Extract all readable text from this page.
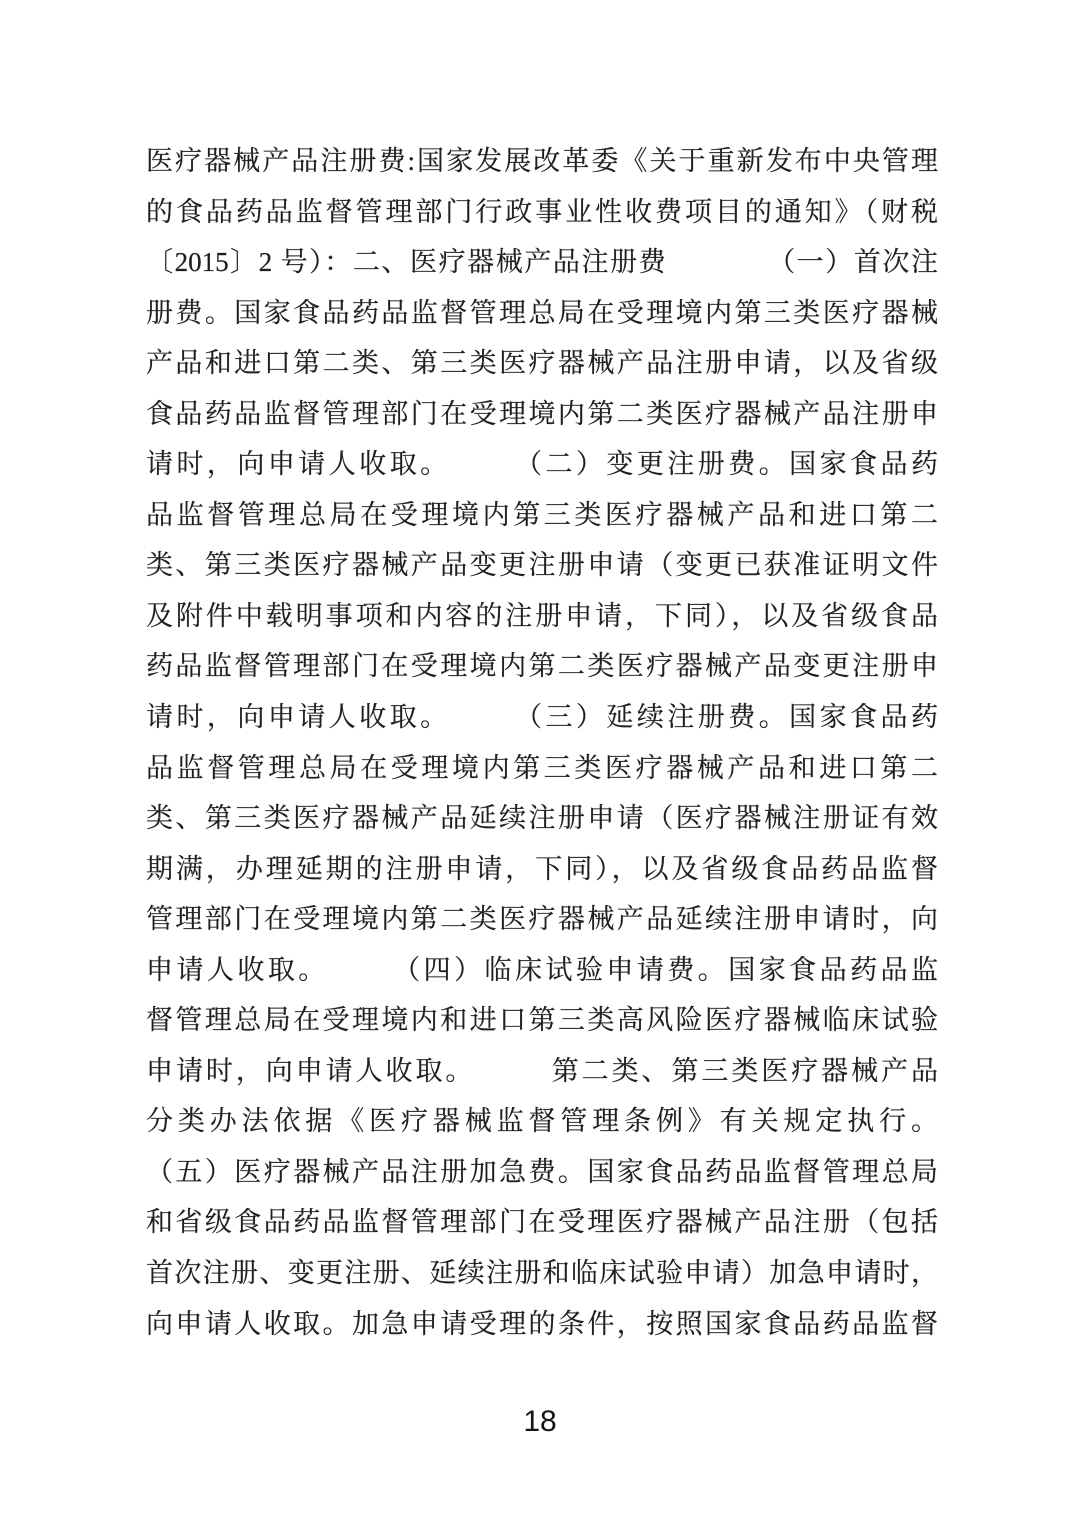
医疗器械产品注册费:国家发展改革委《关于重新发布中央管理
的食品药品监督管理部门行政事业性收费项目的通知》（财税
〔2015〕2 号）：二、医疗器械产品注册费　　　　（一）首次注
册费。国家食品药品监督管理总局在受理境内第三类医疗器械
产品和进口第二类、第三类医疗器械产品注册申请，以及省级
食品药品监督管理部门在受理境内第二类医疗器械产品注册申
请时，向申请人收取。　　　（二）变更注册费。国家食品药
品监督管理总局在受理境内第三类医疗器械产品和进口第二
类、第三类医疗器械产品变更注册申请（变更已获准证明文件
及附件中载明事项和内容的注册申请，下同），以及省级食品
药品监督管理部门在受理境内第二类医疗器械产品变更注册申
请时，向申请人收取。　　　（三）延续注册费。国家食品药
品监督管理总局在受理境内第三类医疗器械产品和进口第二
类、第三类医疗器械产品延续注册申请（医疗器械注册证有效
期满，办理延期的注册申请，下同），以及省级食品药品监督
管理部门在受理境内第二类医疗器械产品延续注册申请时，向
申请人收取。　　　（四）临床试验申请费。国家食品药品监
督管理总局在受理境内和进口第三类高风险医疗器械临床试验
申请时，向申请人收取。　　　第二类、第三类医疗器械产品
分类办法依据《医疗器械监督管理条例》有关规定执行。
（五）医疗器械产品注册加急费。国家食品药品监督管理总局
和省级食品药品监督管理部门在受理医疗器械产品注册（包括
首次注册、变更注册、延续注册和临床试验申请）加急申请时，
向申请人收取。加急申请受理的条件，按照国家食品药品监督
18
